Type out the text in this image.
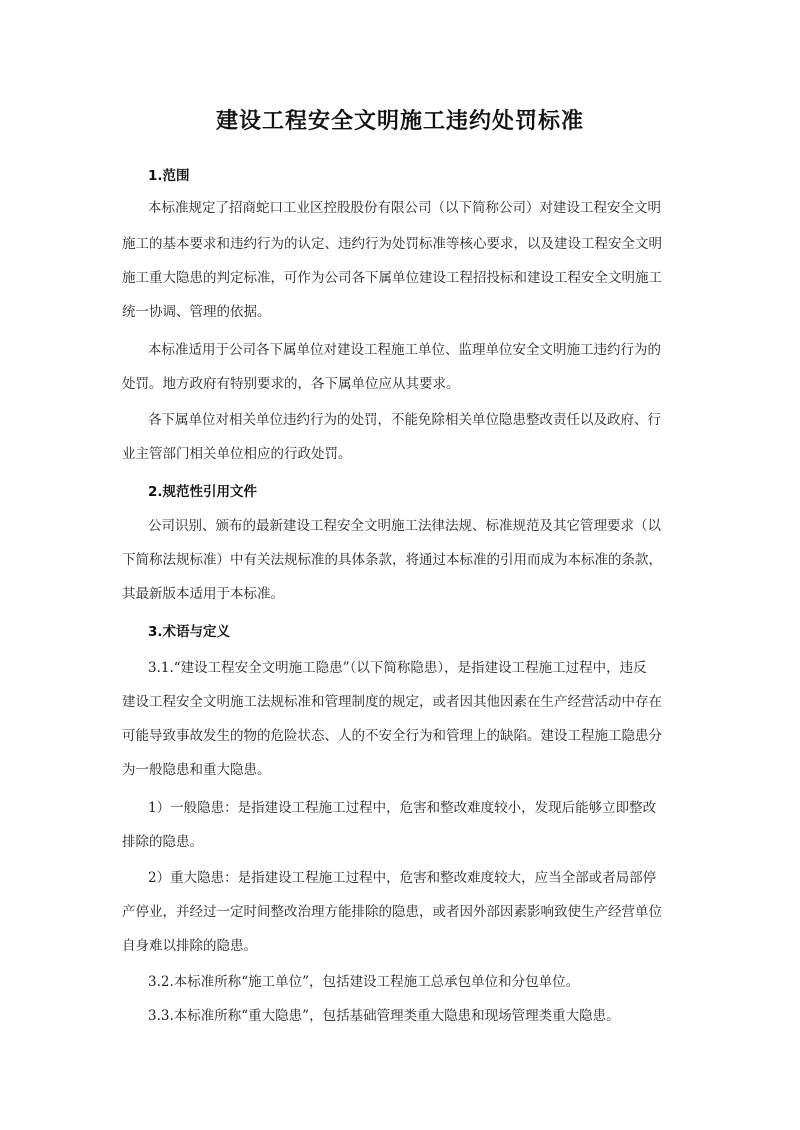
建设工程安全文明施工违约处罚标准
1.范围
本标准规定了招商蛇口工业区控股股份有限公司（以下简称公司）对建设工程安全文明
施工的基本要求和违约行为的认定、违约行为处罚标准等核心要求，以及建设工程安全文明
施工重大隐患的判定标准，可作为公司各下属单位建设工程招投标和建设工程安全文明施工
统一协调、管理的依据。
本标准适用于公司各下属单位对建设工程施工单位、监理单位安全文明施工违约行为的
处罚。地方政府有特别要求的，各下属单位应从其要求。
各下属单位对相关单位违约行为的处罚，不能免除相关单位隐患整改责任以及政府、行
业主管部门相关单位相应的行政处罚。
2.规范性引用文件
公司识别、颁布的最新建设工程安全文明施工法律法规、标准规范及其它管理要求（以
下简称法规标准）中有关法规标准的具体条款，将通过本标准的引用而成为本标准的条款，
其最新版本适用于本标准。
3.术语与定义
3.1.“建设工程安全文明施工隐患”（以下简称隐患），是指建设工程施工过程中，违反
建设工程安全文明施工法规标准和管理制度的规定，或者因其他因素在生产经营活动中存在
可能导致事故发生的物的危险状态、人的不安全行为和管理上的缺陷。建设工程施工隐患分
为一般隐患和重大隐患。
1）一般隐患：是指建设工程施工过程中，危害和整改难度较小，发现后能够立即整改
排除的隐患。
2）重大隐患：是指建设工程施工过程中，危害和整改难度较大，应当全部或者局部停
产停业，并经过一定时间整改治理方能排除的隐患，或者因外部因素影响致使生产经营单位
自身难以排除的隐患。
3.2.本标准所称“施工单位”，包括建设工程施工总承包单位和分包单位。
3.3.本标准所称“重大隐患”，包括基础管理类重大隐患和现场管理类重大隐患。
